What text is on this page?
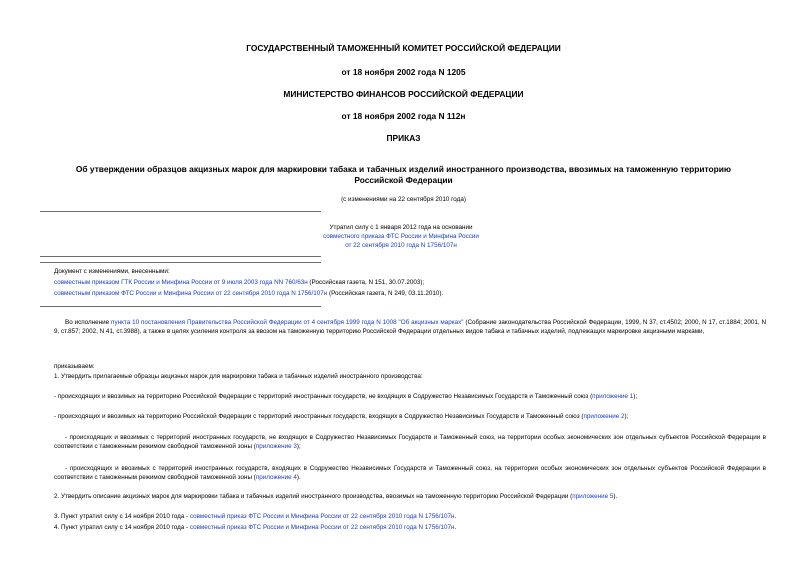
ГОСУДАРСТВЕННЫЙ ТАМОЖЕННЫЙ КОМИТЕТ РОССИЙСКОЙ ФЕДЕРАЦИИ
от 18 ноября 2002 года N 1205
МИНИСТЕРСТВО ФИНАНСОВ РОССИЙСКОЙ ФЕДЕРАЦИИ
от 18 ноября 2002 года N 112н
ПРИКАЗ
Об утверждении образцов акцизных марок для маркировки табака и табачных изделий иностранного производства, ввозимых на таможенную территорию
Российской Федерации
(с изменениями на 22 сентября 2010 года)
Утратил силу с 1 января 2012 года на основании
совместного приказа ФТС России и Минфина России
от 22 сентября 2010 года N 1756/107н
Документ с изменениями, внесенными:
совместным приказом ГТК России и Минфина России от 9 июля 2003 года NN 760/63н (Российская газета, N 151, 30.07.2003);
совместным приказом ФТС России и Минфина России от 22 сентября 2010 года N 1756/107н (Российская газета, N 249, 03.11.2010).
Во исполнение пункта 10 постановления Правительства Российской Федерации от 4 сентября 1999 года N 1008 "Об акцизных марках" (Собрание законодательства Российской Федерации, 1999, N 37, ст.4502; 2000, N 17, ст.1884; 2001, N 9, ст.857; 2002, N 41, ст.3988), а также в целях усиления контроля за ввозом на таможенную территорию Российской Федерации отдельных видов табака и табачных изделий, подлежащих маркировке акцизными марками,
приказываем:
1. Утвердить прилагаемые образцы акцизных марок для маркировки табака и табачных изделий иностранного производства:
- происходящих и ввозимых на территорию Российской Федерации с территорий иностранных государств, не входящих в Содружество Независимых Государств и Таможенный союз (приложение 1);
- происходящих и ввозимых на территорию Российской Федерации с территорий иностранных государств, входящих в Содружество Независимых Государств и Таможенный союз (приложение 2);
- происходящих и ввозимых с территорий иностранных государств, не входящих в Содружество Независимых Государств и Таможенный союз, на территории особых экономических зон отдельных субъектов Российской Федерации в соответствии с таможенным режимом свободной таможенной зоны (приложение 3);
- происходящих и ввозимых с территорий иностранных государств, входящих в Содружество Независимых Государств и Таможенный союз, на территории особых экономических зон отдельных субъектов Российской Федерации в соответствии с таможенным режимом свободной таможенной зоны (приложение 4).
2. Утвердить описание акцизных марок для маркировки табака и табачных изделий иностранного производства, ввозимых на таможенную территорию Российской Федерации (приложение 5).
3. Пункт утратил силу с 14 ноября 2010 года - совместный приказ ФТС России и Минфина России от 22 сентября 2010 года N 1756/107н.
4. Пункт утратил силу с 14 ноября 2010 года - совместный приказ ФТС России и Минфина России от 22 сентября 2010 года N 1756/107н.
